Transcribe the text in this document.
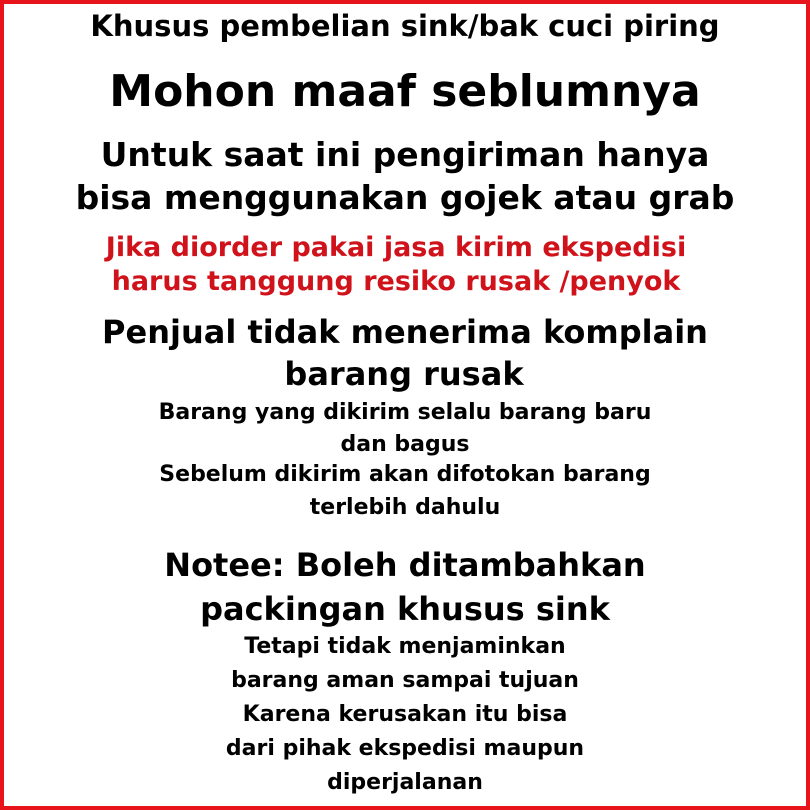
Khusus pembelian sink/bak cuci piring
Mohon maaf seblumnya
Untuk saat ini pengiriman hanya
bisa menggunakan gojek atau grab
Jika diorder pakai jasa kirim ekspedisi
harus tanggung resiko rusak /penyok
Penjual tidak menerima komplain
barang rusak
Barang yang dikirim selalu barang baru
dan bagus
Sebelum dikirim akan difotokan barang
terlebih dahulu
Notee: Boleh ditambahkan
packingan khusus sink
Tetapi tidak menjaminkan
barang aman sampai tujuan
Karena kerusakan itu bisa
dari pihak ekspedisi maupun
diperjalanan
